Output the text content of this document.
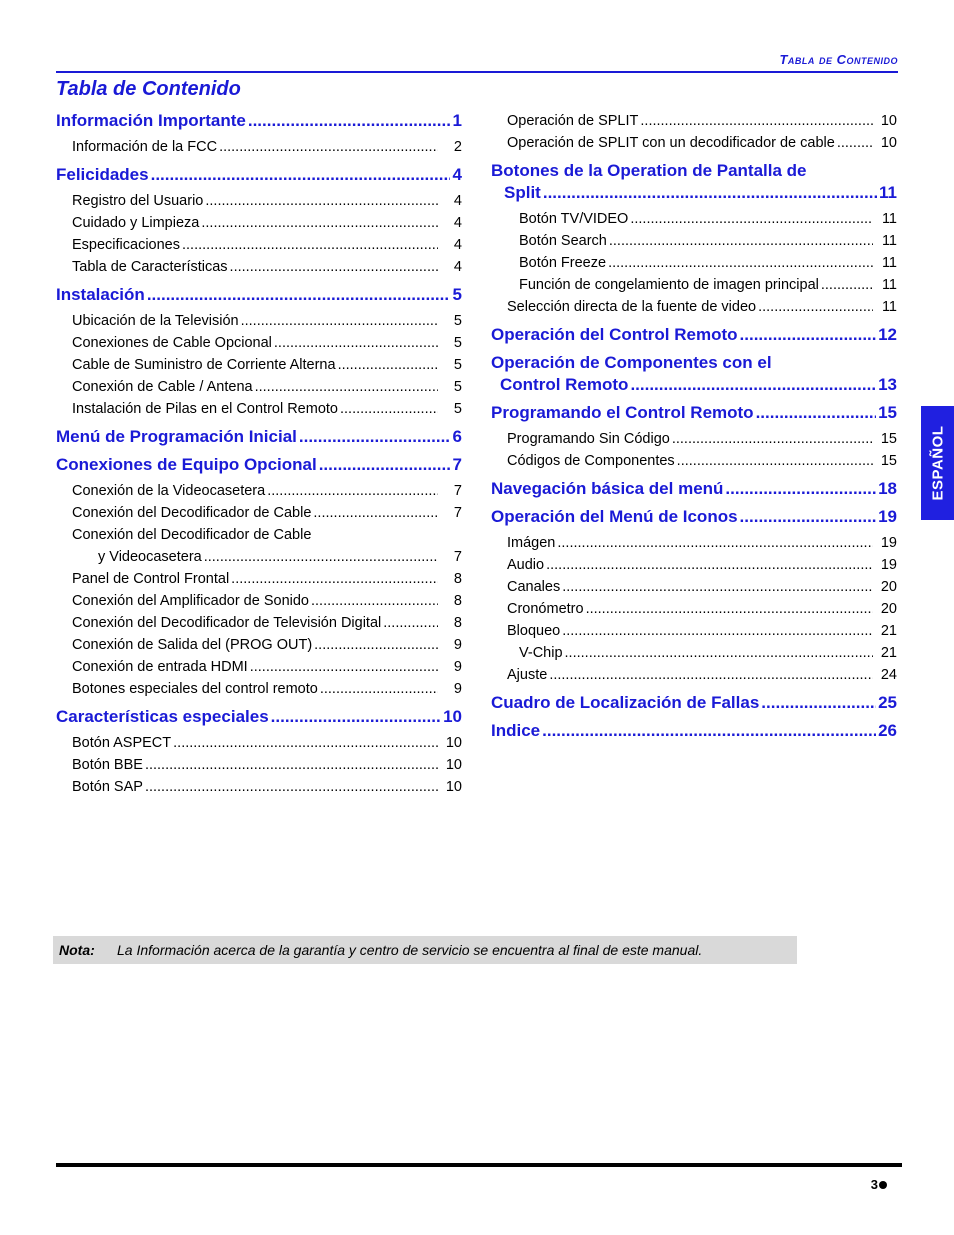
Tabla de Contenido
Tabla de Contenido
Información Importante .....	1
Información de la FCC .....	2
Felicidades .....	4
Registro del Usuario .....	4
Cuidado y Limpieza .....	4
Especificaciones .....	4
Tabla de Características .....	4
Instalación .....	5
Ubicación de la Televisión .....	5
Conexiones de Cable Opcional .....	5
Cable de Suministro de Corriente Alterna .....	5
Conexión de Cable / Antena .....	5
Instalación de Pilas en el Control Remoto .....	5
Menú de Programación Inicial .....	6
Conexiones de Equipo Opcional .....	7
Conexión de la Videocasetera .....	7
Conexión del Decodificador de Cable .....	7
Conexión del Decodificador de Cable
y Videocasetera .....	7
Panel de Control Frontal .....	8
Conexión del Amplificador de Sonido .....	8
Conexión del Decodificador de Televisión Digital .....	8
Conexión de Salida del (PROG OUT) .....	9
Conexión de entrada HDMI .....	9
Botones especiales del control remoto .....	9
Características especiales .....	10
Botón ASPECT .....	10
Botón BBE .....	10
Botón SAP .....	10
Operación de SPLIT .....	10
Operación de SPLIT con un decodificador de cable .....	10
Botones de la Operation de Pantalla de
Split .....	11
Botón TV/VIDEO .....	11
Botón Search .....	11
Botón Freeze .....	11
Función de congelamiento de imagen principal .....	11
Selección directa de la fuente de video .....	11
Operación del Control Remoto .....	12
Operación de Componentes con el
Control Remoto .....	13
Programando el Control Remoto .....	15
Programando Sin Código .....	15
Códigos de Componentes .....	15
Navegación básica del menú .....	18
Operación del Menú de Iconos .....	19
Imágen .....	19
Audio .....	19
Canales .....	20
Cronómetro .....	20
Bloqueo .....	21
V-Chip .....	21
Ajuste .....	24
Cuadro de Localización de Fallas .....	25
Indice .....	26
ESPAÑOL
Nota:	La Información acerca de la garantía y centro de servicio se encuentra al final de este manual.
3
